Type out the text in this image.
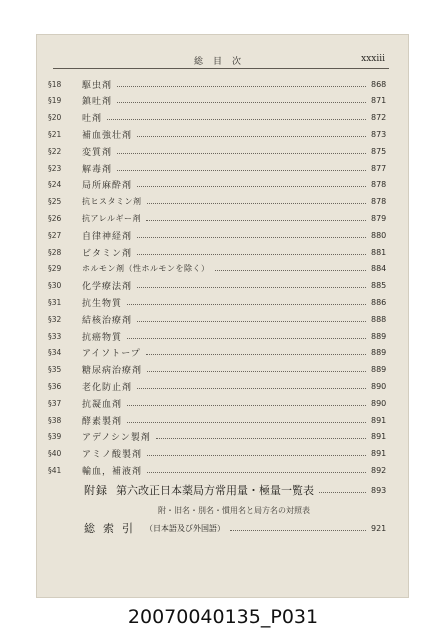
総目次	xxxiii
§18	駆虫剤	868
§19	鎮吐剤	871
§20	吐剤	872
§21	補血強壮剤	873
§22	変質剤	875
§23	解毒剤	877
§24	局所麻酔剤	878
§25	抗ヒスタミン剤	878
§26	抗アレルギー剤	879
§27	自律神経剤	880
§28	ビタミン剤	881
§29	ホルモン剤（性ホルモンを除く）	884
§30	化学療法剤	885
§31	抗生物質	886
§32	結核治療剤	888
§33	抗癌物質	889
§34	アイソトープ	889
§35	糖尿病治療剤	889
§36	老化防止剤	890
§37	抗凝血剤	890
§38	酵素製剤	891
§39	アデノシン製剤	891
§40	アミノ酸製剤	891
§41	輸血，補液剤	892
附録 第六改正日本薬局方常用量・極量一覧表	893
附・旧名・別名・慣用名と局方名の対照表
総索引 （日本語及び外国語）	921
20070040135_P031
